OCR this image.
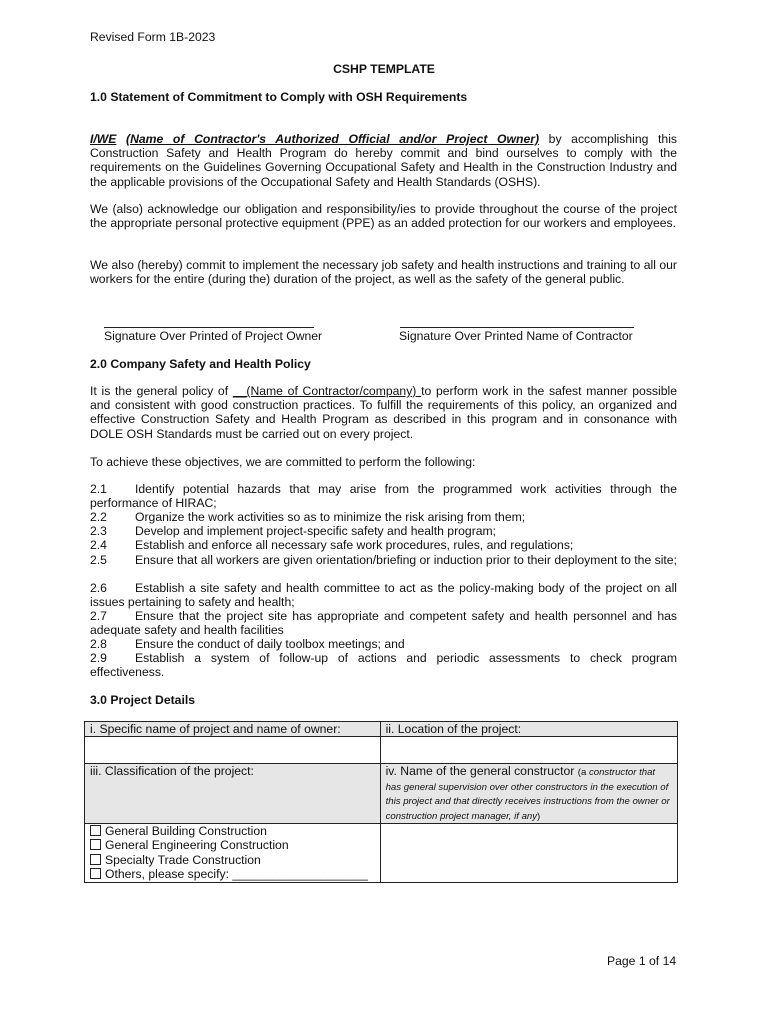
Revised Form 1B-2023
CSHP TEMPLATE
1.0 Statement of Commitment to Comply with OSH Requirements
I/WE (Name of Contractor's Authorized Official and/or Project Owner) by accomplishing this Construction Safety and Health Program do hereby commit and bind ourselves to comply with the requirements on the Guidelines Governing Occupational Safety and Health in the Construction Industry and the applicable provisions of the Occupational Safety and Health Standards (OSHS).
We (also) acknowledge our obligation and responsibility/ies to provide throughout the course of the project the appropriate personal protective equipment (PPE) as an added protection for our workers and employees.
We also (hereby) commit to implement the necessary job safety and health instructions and training to all our workers for the entire (during the) duration of the project, as well as the safety of the general public.
Signature Over Printed of Project Owner	Signature Over Printed Name of Contractor
2.0 Company Safety and Health Policy
It is the general policy of __(Name of Contractor/company) to perform work in the safest manner possible and consistent with good construction practices. To fulfill the requirements of this policy, an organized and effective Construction Safety and Health Program as described in this program and in consonance with DOLE OSH Standards must be carried out on every project.
To achieve these objectives, we are committed to perform the following:
2.1 Identify potential hazards that may arise from the programmed work activities through the performance of HIRAC;
2.2 Organize the work activities so as to minimize the risk arising from them;
2.3 Develop and implement project-specific safety and health program;
2.4 Establish and enforce all necessary safe work procedures, rules, and regulations;
2.5 Ensure that all workers are given orientation/briefing or induction prior to their deployment to the site;
2.6 Establish a site safety and health committee to act as the policy-making body of the project on all issues pertaining to safety and health;
2.7 Ensure that the project site has appropriate and competent safety and health personnel and has adequate safety and health facilities
2.8 Ensure the conduct of daily toolbox meetings; and
2.9 Establish a system of follow-up of actions and periodic assessments to check program effectiveness.
3.0 Project Details
i. Specific name of project and name of owner:	ii. Location of the project:

iii. Classification of the project:	iv. Name of the general constructor (a constructor that has general supervision over other constructors in the execution of this project and that directly receives instructions from the owner or construction project manager, if any)

General Building Construction
General Engineering Construction
Specialty Trade Construction
Others, please specify: ____________________	

Page 1 of 14
